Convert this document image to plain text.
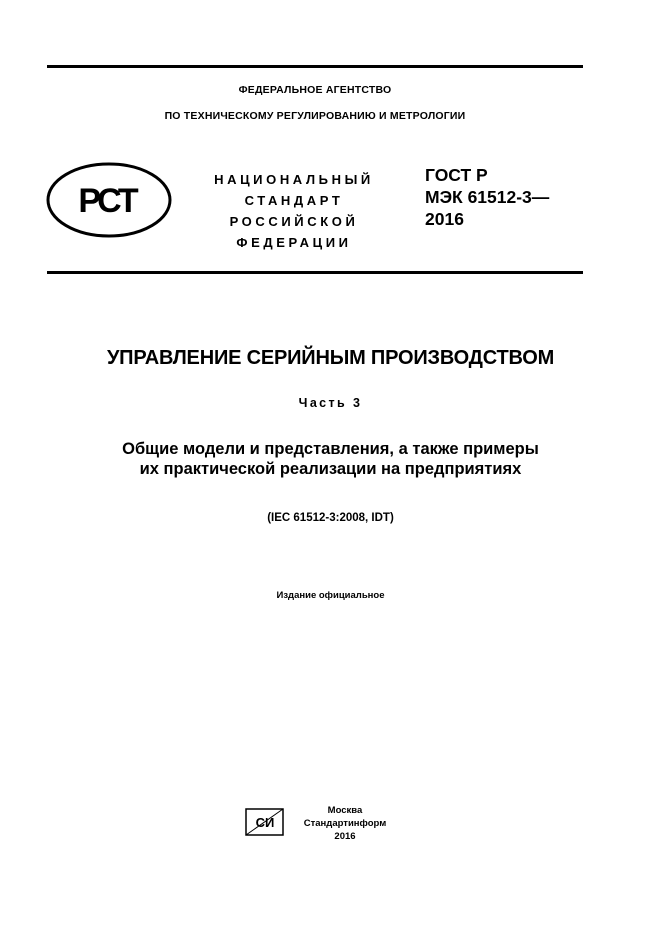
ФЕДЕРАЛЬНОЕ АГЕНТСТВО
ПО ТЕХНИЧЕСКОМУ РЕГУЛИРОВАНИЮ И МЕТРОЛОГИИ
РСТ
НАЦИОНАЛЬНЫЙ
СТАНДАРТ
РОССИЙСКОЙ
ФЕДЕРАЦИИ
ГОСТ Р
МЭК 61512-3—
2016
УПРАВЛЕНИЕ СЕРИЙНЫМ ПРОИЗВОДСТВОМ
Часть 3
Общие модели и представления, а также примеры
их практической реализации на предприятиях
(IEC 61512-3:2008, IDT)
Издание официальное
СИ
Москва
Стандартинформ
2016
